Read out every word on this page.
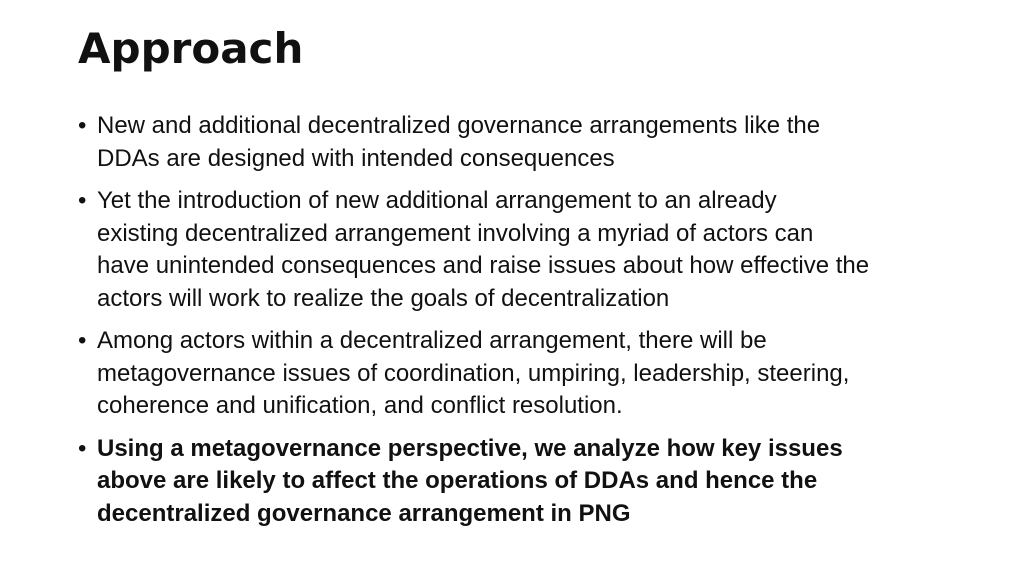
Approach
• New and additional decentralized governance arrangements like the
DDAs are designed with intended consequences
• Yet the introduction of new additional arrangement to an already
existing decentralized arrangement involving a myriad of actors can
have unintended consequences and raise issues about how effective the
actors will work to realize the goals of decentralization
• Among actors within a decentralized arrangement, there will be
metagovernance issues of coordination, umpiring, leadership, steering,
coherence and unification, and conflict resolution.
• Using a metagovernance perspective, we analyze how key issues
above are likely to affect the operations of DDAs and hence the
decentralized governance arrangement in PNG
